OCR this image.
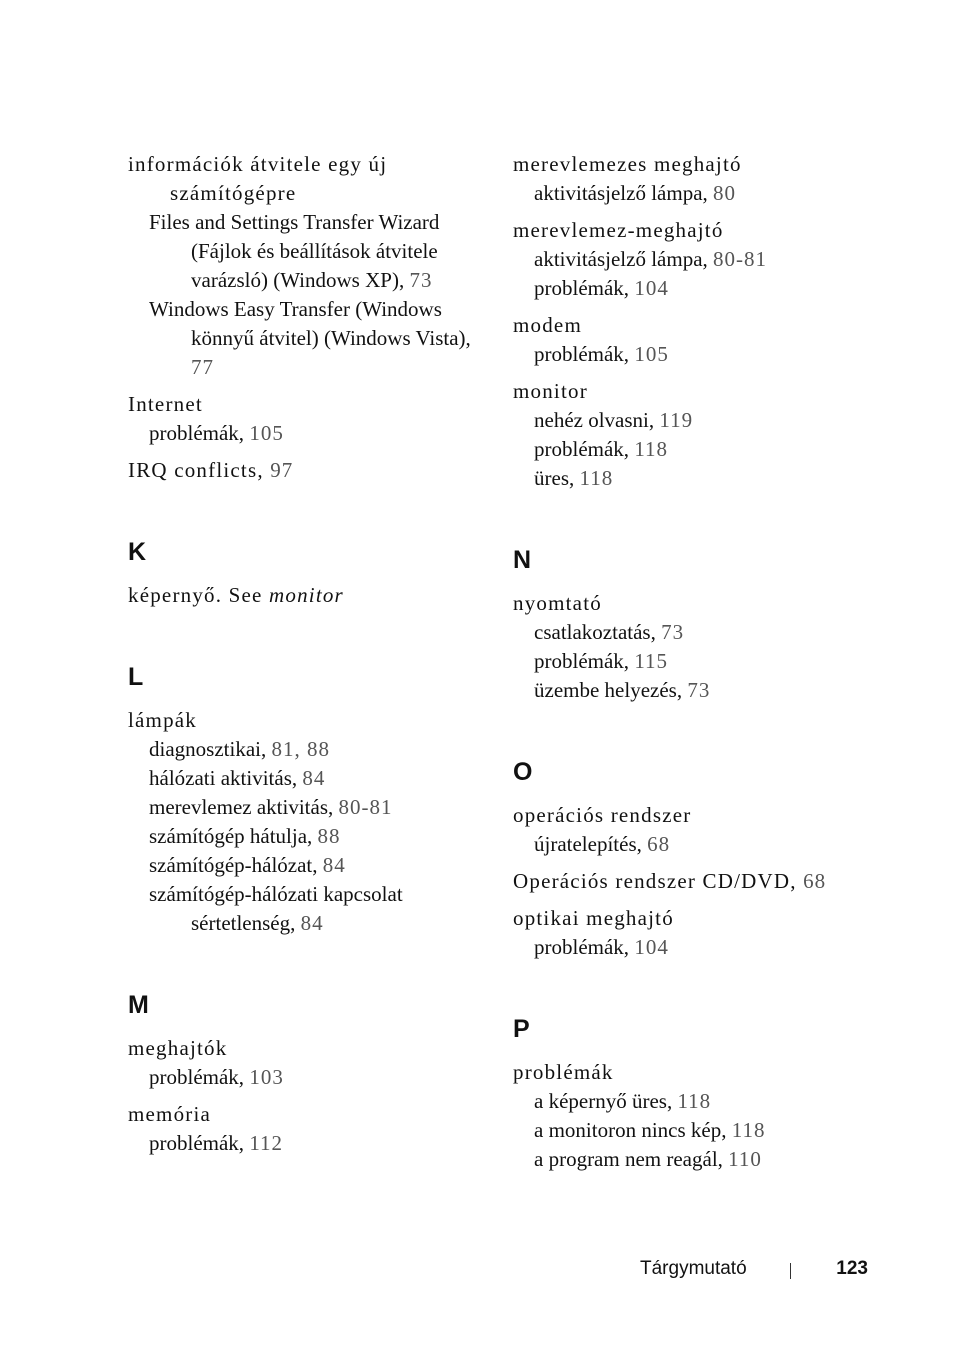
információk átvitele egy új számítógépre
Files and Settings Transfer Wizard (Fájlok és beállítások átvitele varázsló) (Windows XP), 73
Windows Easy Transfer (Windows könnyű átvitel) (Windows Vista), 77
Internet
problémák, 105
IRQ conflicts, 97
K
képernyő. See monitor
L
lámpák
diagnosztikai, 81, 88
hálózati aktivitás, 84
merevlemez aktivitás, 80-81
számítógép hátulja, 88
számítógép-hálózat, 84
számítógép-hálózati kapcsolat sértetlenség, 84
M
meghajtók
problémák, 103
memória
problémák, 112
merevlemezes meghajtó
aktivitásjelző lámpa, 80
merevlemez-meghajtó
aktivitásjelző lámpa, 80-81
problémák, 104
modem
problémák, 105
monitor
nehéz olvasni, 119
problémák, 118
üres, 118
N
nyomtató
csatlakoztatás, 73
problémák, 115
üzembe helyezés, 73
O
operációs rendszer
újratelepítés, 68
Operációs rendszer CD/DVD, 68
optikai meghajtó
problémák, 104
P
problémák
a képernyő üres, 118
a monitoron nincs kép, 118
a program nem reagál, 110
Tárgymutató	123
